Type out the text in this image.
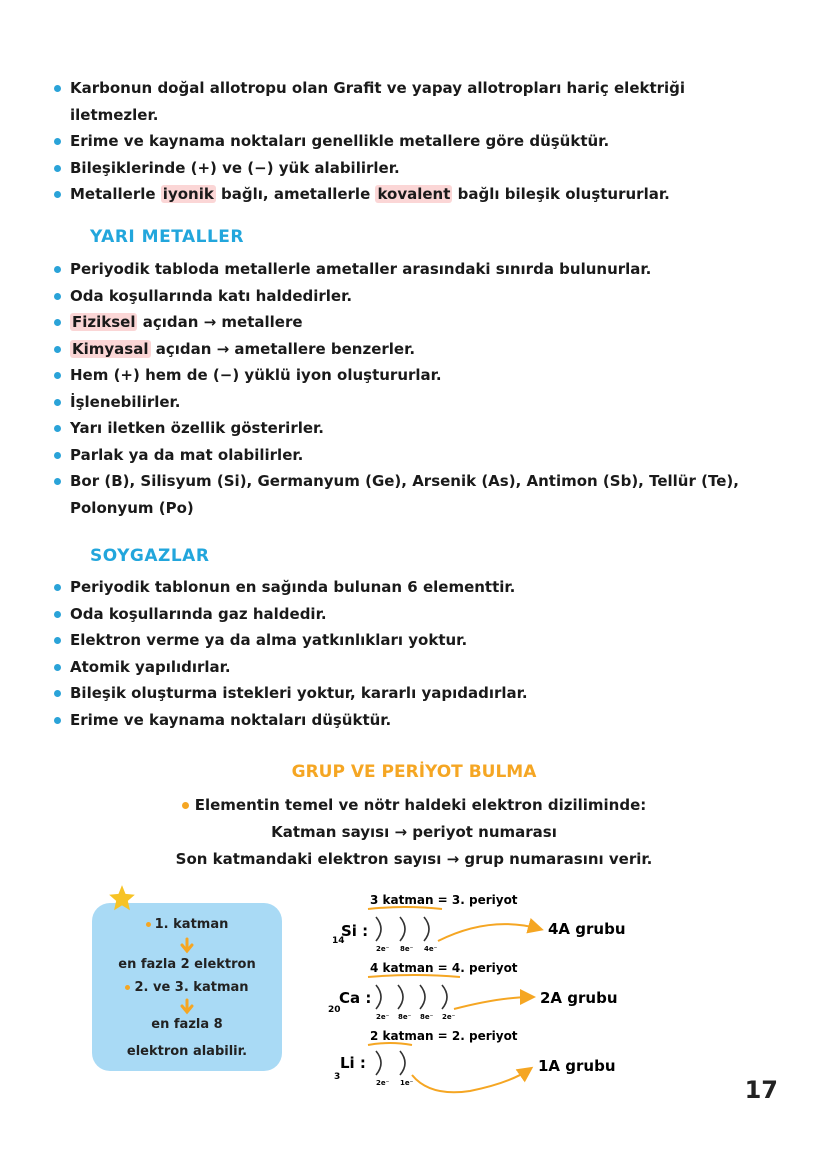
Karbonun doğal allotropu olan Grafit ve yapay allotropları hariç elektriği iletmezler.
Erime ve kaynama noktaları genellikle metallere göre düşüktür.
Bileşiklerinde (+) ve (−) yük alabilirler.
Metallerle iyonik bağlı, ametallerle kovalent bağlı bileşik oluştururlar.
YARI METALLER
Periyodik tabloda metallerle ametaller arasındaki sınırda bulunurlar.
Oda koşullarında katı haldedirler.
Fiziksel açıdan → metallere
Kimyasal açıdan → ametallere benzerler.
Hem (+) hem de (−) yüklü iyon oluştururlar.
İşlenebilirler.
Yarı iletken özellik gösterirler.
Parlak ya da mat olabilirler.
Bor (B), Silisyum (Si), Germanyum (Ge), Arsenik (As), Antimon (Sb), Tellür (Te), Polonyum (Po)
SOYGAZLAR
Periyodik tablonun en sağında bulunan 6 elementtir.
Oda koşullarında gaz haldedir.
Elektron verme ya da alma yatkınlıkları yoktur.
Atomik yapılıdırlar.
Bileşik oluşturma istekleri yoktur, kararlı yapıdadırlar.
Erime ve kaynama noktaları düşüktür.
GRUP VE PERİYOT BULMA
Elementin temel ve nötr haldeki elektron diziliminde:
Katman sayısı → periyot numarası
Son katmandaki elektron sayısı → grup numarasını verir.
1. katman
en fazla 2 elektron
2. ve 3. katman
en fazla 8
elektron alabilir.
3 katman = 3. periyot
14
Si :
2e⁻ 8e⁻ 4e⁻
4A grubu
4 katman = 4. periyot
20
Ca :
2e⁻ 8e⁻ 8e⁻ 2e⁻
2A grubu
2 katman = 2. periyot
3
Li :
2e⁻ 1e⁻
1A grubu
17
